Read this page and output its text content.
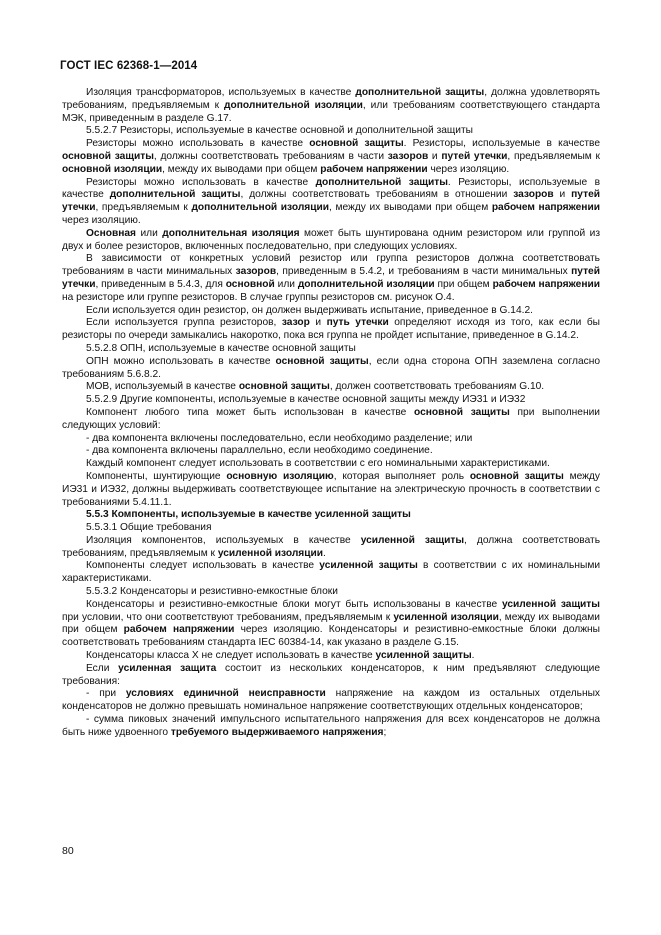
ГОСТ IEC 62368-1—2014

Изоляция трансформаторов, используемых в качестве дополнительной защиты, должна удовлетворять требованиям, предъявляемым к дополнительной изоляции, или требованиям соответствующего стандарта МЭК, приведенным в разделе G.17.

5.5.2.7 Резисторы, используемые в качестве основной и дополнительной защиты

Резисторы можно использовать в качестве основной защиты. Резисторы, используемые в качестве основной защиты, должны соответствовать требованиям в части зазоров и путей утечки, предъявляемым к основной изоляции, между их выводами при общем рабочем напряжении через изоляцию.

Резисторы можно использовать в качестве дополнительной защиты. Резисторы, используемые в качестве дополнительной защиты, должны соответствовать требованиям в отношении зазоров и путей утечки, предъявляемым к дополнительной изоляции, между их выводами при общем рабочем напряжении через изоляцию.

Основная или дополнительная изоляция может быть шунтирована одним резистором или группой из двух и более резисторов, включенных последовательно, при следующих условиях.

В зависимости от конкретных условий резистор или группа резисторов должна соответствовать требованиям в части минимальных зазоров, приведенным в 5.4.2, и требованиям в части минимальных путей утечки, приведенным в 5.4.3, для основной или дополнительной изоляции при общем рабочем напряжении на резисторе или группе резисторов. В случае группы резисторов см. рисунок О.4.

Если используется один резистор, он должен выдерживать испытание, приведенное в G.14.2.

Если используется группа резисторов, зазор и путь утечки определяют исходя из того, как если бы резисторы по очереди замыкались накоротко, пока вся группа не пройдет испытание, приведенное в G.14.2.

5.5.2.8 ОПН, используемые в качестве основной защиты

ОПН можно использовать в качестве основной защиты, если одна сторона ОПН заземлена согласно требованиям 5.6.8.2.

МОВ, используемый в качестве основной защиты, должен соответствовать требованиям G.10.

5.5.2.9 Другие компоненты, используемые в качестве основной защиты между ИЭ31 и ИЭ32

Компонент любого типа может быть использован в качестве основной защиты при выполнении следующих условий:

- два компонента включены последовательно, если необходимо разделение; или

- два компонента включены параллельно, если необходимо соединение.

Каждый компонент следует использовать в соответствии с его номинальными характеристиками.

Компоненты, шунтирующие основную изоляцию, которая выполняет роль основной защиты между ИЭ31 и ИЭ32, должны выдерживать соответствующее испытание на электрическую прочность в соответствии с требованиями 5.4.11.1.

5.5.3 Компоненты, используемые в качестве усиленной защиты

5.5.3.1 Общие требования

Изоляция компонентов, используемых в качестве усиленной защиты, должна соответствовать требованиям, предъявляемым к усиленной изоляции.

Компоненты следует использовать в качестве усиленной защиты в соответствии с их номинальными характеристиками.

5.5.3.2 Конденсаторы и резистивно-емкостные блоки

Конденсаторы и резистивно-емкостные блоки могут быть использованы в качестве усиленной защиты при условии, что они соответствуют требованиям, предъявляемым к усиленной изоляции, между их выводами при общем рабочем напряжении через изоляцию. Конденсаторы и резистивно-емкостные блоки должны соответствовать требованиям стандарта IEC 60384-14, как указано в разделе G.15.

Конденсаторы класса Х не следует использовать в качестве усиленной защиты.

Если усиленная защита состоит из нескольких конденсаторов, к ним предъявляют следующие требования:

- при условиях единичной неисправности напряжение на каждом из остальных отдельных конденсаторов не должно превышать номинальное напряжение соответствующих отдельных конденсаторов;

- сумма пиковых значений импульсного испытательного напряжения для всех конденсаторов не должна быть ниже удвоенного требуемого выдерживаемого напряжения;

80
